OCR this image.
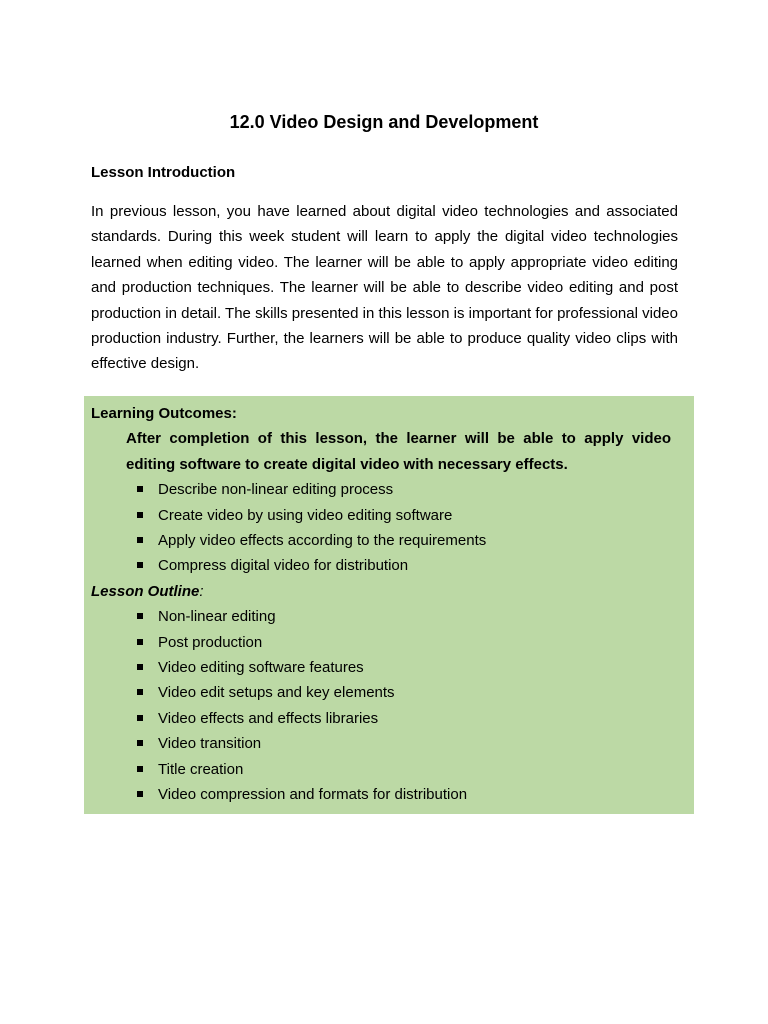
12.0 Video Design and Development
Lesson Introduction

In previous lesson, you have learned about digital video technologies and associated standards. During this week student will learn to apply the digital video technologies learned when editing video. The learner will be able to apply appropriate video editing and production techniques. The learner will be able to describe video editing and post production in detail. The skills presented in this lesson is important for professional video production industry. Further, the learners will be able to produce quality video clips with effective design.

Learning Outcomes:
After completion of this lesson, the learner will be able to apply video editing software to create digital video with necessary effects.
Describe non-linear editing process
Create video by using video editing software
Apply video effects according to the requirements
Compress digital video for distribution
Lesson Outline:
Non-linear editing
Post production
Video editing software features
Video edit setups and key elements
Video effects and effects libraries
Video transition
Title creation
Video compression and formats for distribution
